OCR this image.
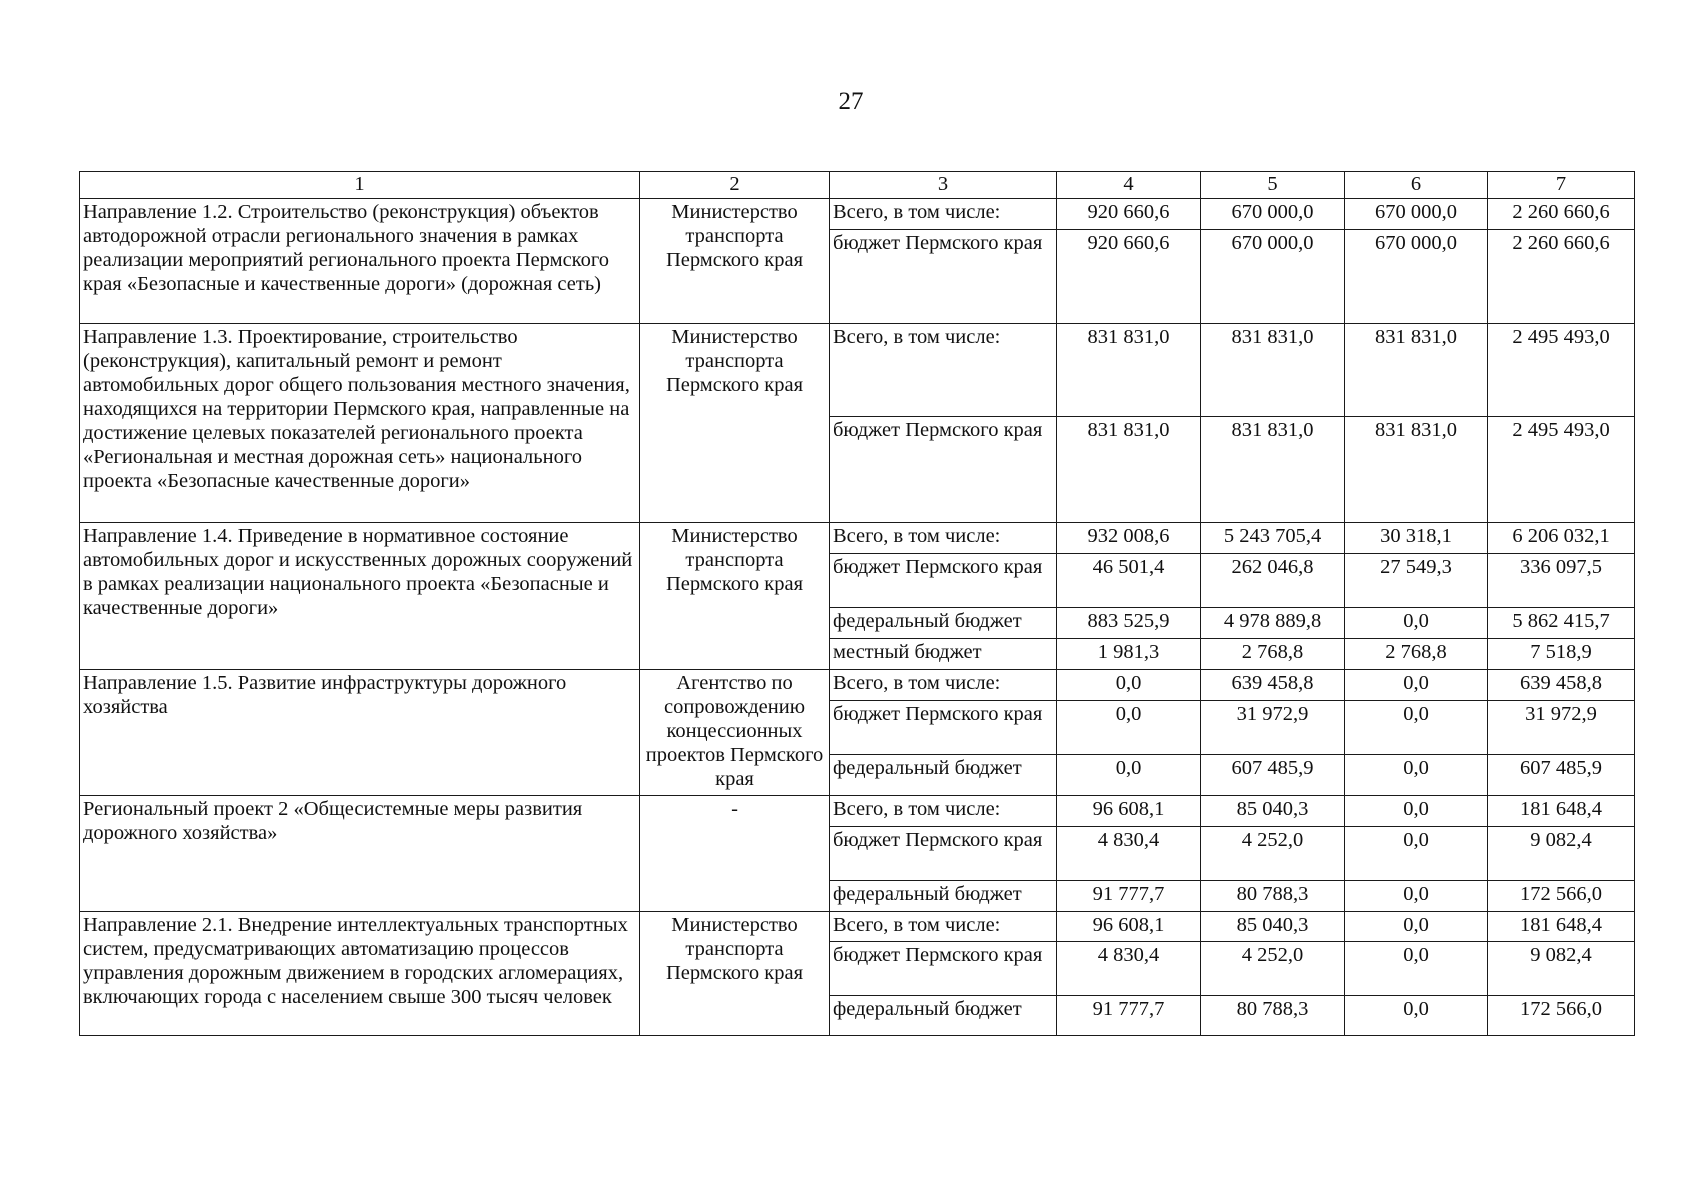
27
1	2	3	4	5	6	7
Направление 1.2. Строительство (реконструкция) объектов автодорожной отрасли регионального значения в рамках реализации мероприятий регионального проекта Пермского края «Безопасные и качественные дороги» (дорожная сеть)	Министерство транспорта Пермского края	Всего, в том числе:	920 660,6	670 000,0	670 000,0	2 260 660,6
		бюджет Пермского края	920 660,6	670 000,0	670 000,0	2 260 660,6
Направление 1.3. Проектирование, строительство (реконструкция), капитальный ремонт и ремонт автомобильных дорог общего пользования местного значения, находящихся на территории Пермского края, направленные на достижение целевых показателей регионального проекта «Региональная и местная дорожная сеть» национального проекта «Безопасные качественные дороги»	Министерство транспорта Пермского края	Всего, в том числе:	831 831,0	831 831,0	831 831,0	2 495 493,0
		бюджет Пермского края	831 831,0	831 831,0	831 831,0	2 495 493,0
Направление 1.4. Приведение в нормативное состояние автомобильных дорог и искусственных дорожных сооружений в рамках реализации национального проекта «Безопасные и качественные дороги»	Министерство транспорта Пермского края	Всего, в том числе:	932 008,6	5 243 705,4	30 318,1	6 206 032,1
		бюджет Пермского края	46 501,4	262 046,8	27 549,3	336 097,5
		федеральный бюджет	883 525,9	4 978 889,8	0,0	5 862 415,7
		местный бюджет	1 981,3	2 768,8	2 768,8	7 518,9
Направление 1.5. Развитие инфраструктуры дорожного хозяйства	Агентство по сопровождению концессионных проектов Пермского края	Всего, в том числе:	0,0	639 458,8	0,0	639 458,8
		бюджет Пермского края	0,0	31 972,9	0,0	31 972,9
		федеральный бюджет	0,0	607 485,9	0,0	607 485,9
Региональный проект 2 «Общесистемные меры развития дорожного хозяйства»	-	Всего, в том числе:	96 608,1	85 040,3	0,0	181 648,4
		бюджет Пермского края	4 830,4	4 252,0	0,0	9 082,4
		федеральный бюджет	91 777,7	80 788,3	0,0	172 566,0
Направление 2.1. Внедрение интеллектуальных транспортных систем, предусматривающих автоматизацию процессов управления дорожным движением в городских агломерациях, включающих города с населением свыше 300 тысяч человек	Министерство транспорта Пермского края	Всего, в том числе:	96 608,1	85 040,3	0,0	181 648,4
		бюджет Пермского края	4 830,4	4 252,0	0,0	9 082,4
		федеральный бюджет	91 777,7	80 788,3	0,0	172 566,0
